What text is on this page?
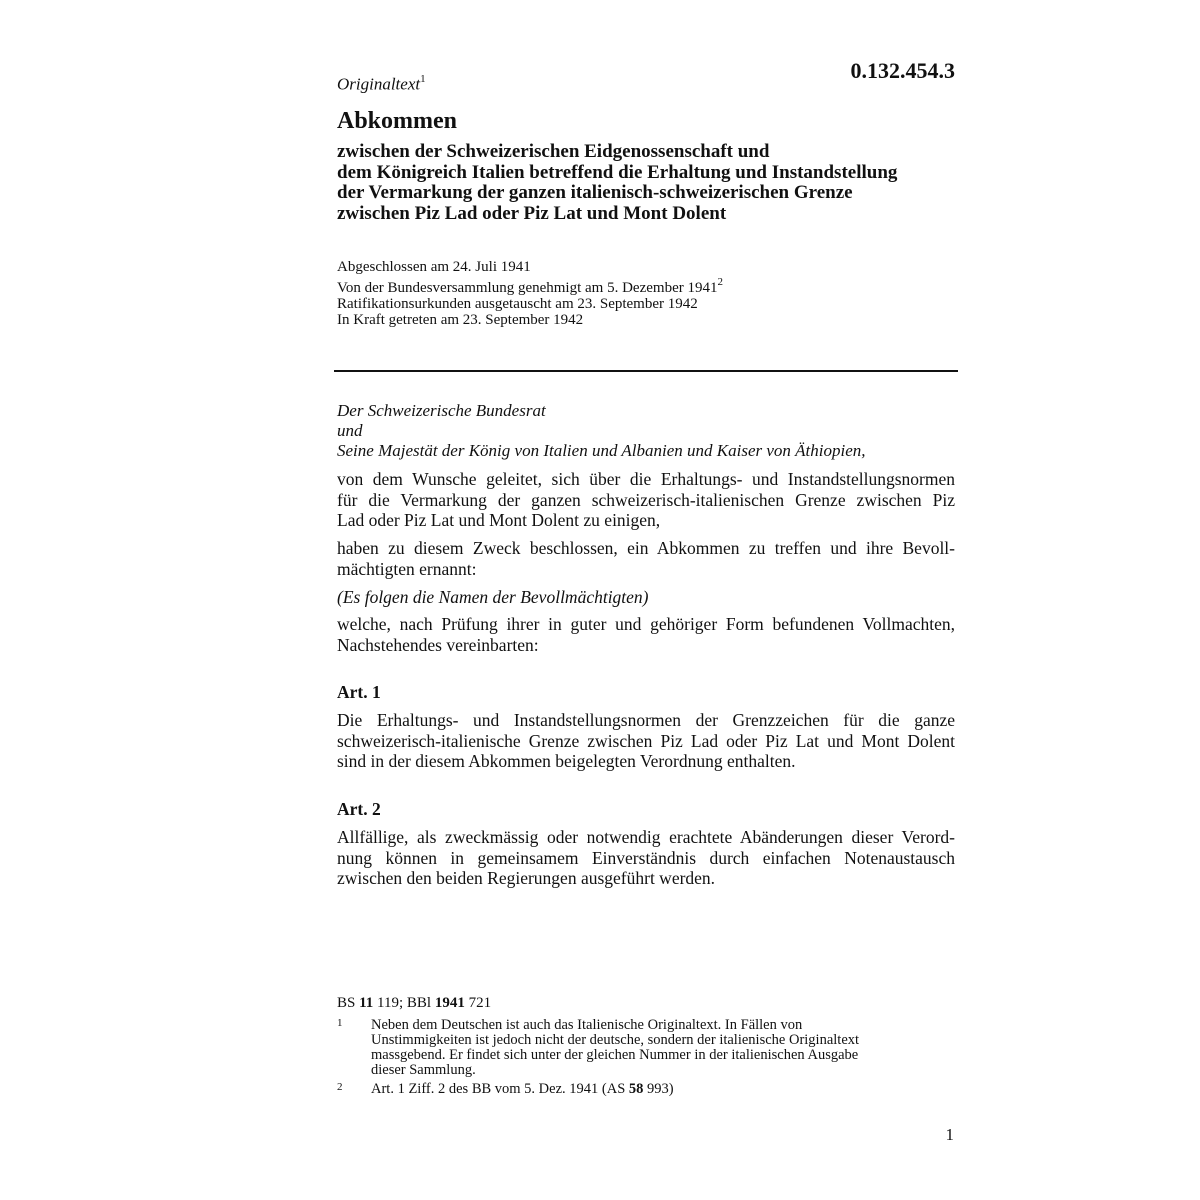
Originaltext$^1$	0.132.454.3
Abkommen
zwischen der Schweizerischen Eidgenossenschaft und
dem Königreich Italien betreffend die Erhaltung und Instandstellung
der Vermarkung der ganzen italienisch-schweizerischen Grenze
zwischen Piz Lad oder Piz Lat und Mont Dolent
Abgeschlossen am 24. Juli 1941
Von der Bundesversammlung genehmigt am 5. Dezember 1941$^2$
Ratifikationsurkunden ausgetauscht am 23. September 1942
In Kraft getreten am 23. September 1942
Der Schweizerische Bundesrat
und
Seine Majestät der König von Italien und Albanien und Kaiser von Äthiopien,
von dem Wunsche geleitet, sich über die Erhaltungs- und Instandstellungsnormen
für die Vermarkung der ganzen schweizerisch-italienischen Grenze zwischen Piz
Lad oder Piz Lat und Mont Dolent zu einigen,
haben zu diesem Zweck beschlossen, ein Abkommen zu treffen und ihre Bevoll-
mächtigten ernannt:
(Es folgen die Namen der Bevollmächtigten)
welche, nach Prüfung ihrer in guter und gehöriger Form befundenen Vollmachten,
Nachstehendes vereinbarten:
Art. 1
Die Erhaltungs- und Instandstellungsnormen der Grenzzeichen für die ganze
schweizerisch-italienische Grenze zwischen Piz Lad oder Piz Lat und Mont Dolent
sind in der diesem Abkommen beigelegten Verordnung enthalten.
Art. 2
Allfällige, als zweckmässig oder notwendig erachtete Abänderungen dieser Verord-
nung können in gemeinsamem Einverständnis durch einfachen Notenaustausch
zwischen den beiden Regierungen ausgeführt werden.
BS 11 119; BBl 1941 721
1 Neben dem Deutschen ist auch das Italienische Originaltext. In Fällen von
Unstimmigkeiten ist jedoch nicht der deutsche, sondern der italienische Originaltext
massgebend. Er findet sich unter der gleichen Nummer in der italienischen Ausgabe
dieser Sammlung.
2 Art. 1 Ziff. 2 des BB vom 5. Dez. 1941 (AS 58 993)
1
